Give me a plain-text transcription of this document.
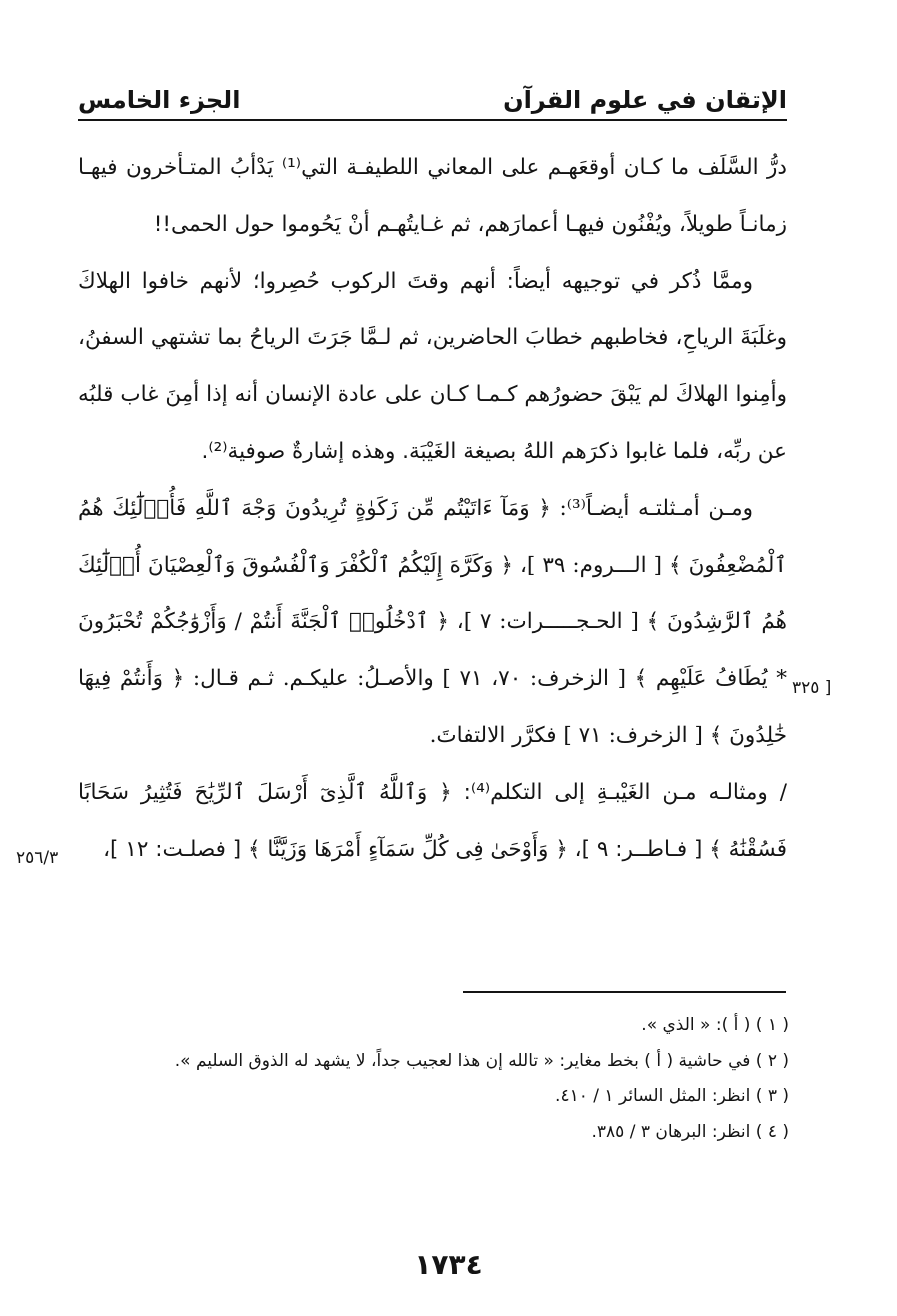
الإتقان في علوم القرآن
الجزء الخامس

درُّ السَّلَف ما كـان أوقعَهـم على المعاني اللطيفـة التي⁽¹⁾ يَدْأبُ المتـأخرون فيهـا زمانـاً طويلاً، ويُفْنُون فيهـا أعمارَهم، ثم غـايتُهـم أنْ يَحُوموا حول الحمى!!

وممَّا ذُكر في توجيهه أيضاً: أنهم وقتَ الركوب حُصِروا؛ لأنهم خافوا الهلاكَ وغلَبَةَ الرياحِ، فخاطبهم خطابَ الحاضرين، ثم لـمَّا جَرَتَ الرياحُ بما تشتهي السفنُ، وأمِنوا الهلاكَ لم يَبْقَ حضورُهم كـمـا كـان على عادة الإنسان أنه إذا أمِنَ غاب قلبُه عن ربِّه، فلما غابوا ذكرَهم اللهُ بصيغة الغَيْبَة. وهذه إشارةٌ صوفية⁽²⁾.

ومـن أمـثلتـه أيضـاً⁽³⁾: ﴿ وَمَآ ءَاتَيْتُم مِّن زَكَوٰةٍ تُرِيدُونَ وَجْهَ ٱللَّهِ فَأُو۟لَٰٓئِكَ هُمُ ٱلْمُضْعِفُونَ ﴾ [ الـــروم: ٣٩ ]، ﴿ وَكَرَّهَ إِلَيْكُمُ ٱلْكُفْرَ وَٱلْفُسُوقَ وَٱلْعِصْيَانَ أُو۟لَٰٓئِكَ هُمُ ٱلرَّٰشِدُونَ ﴾ [ الحـجـــــرات: ٧ ]، ﴿ ٱدْخُلُوا۟ ٱلْجَنَّةَ أَنتُمْ / وَأَزْوَٰجُكُمْ تُحْبَرُونَ * يُطَافُ عَلَيْهِم ﴾ [ الزخرف: ٧٠، ٧١ ] والأصـلُ: عليكـم. ثـم قـال: ﴿ وَأَنتُمْ فِيهَا خَٰلِدُونَ ﴾ [ الزخرف: ٧١ ] فكرَّر الالتفاتَ.

/ ومثالـه مـن الغَيْبـةِ إلى التكلم⁽⁴⁾: ﴿ وَٱللَّهُ ٱلَّذِىٓ أَرْسَلَ ٱلرِّيَٰحَ فَتُثِيرُ سَحَابًا فَسُقْنَٰهُ ﴾ [ فـاطــر: ٩ ]، ﴿ وَأَوْحَىٰ فِى كُلِّ سَمَآءٍ أَمْرَهَا وَزَيَّنَّا ﴾ [ فصلـت: ١٢ ]،

[ ٣٢٥
٢٥٦/٣
( ١ ) ( أ ): « الذي ».
( ٢ ) في حاشية ( أ ) بخط مغاير: « تالله إن هذا لعجيب جداً، لا يشهد له الذوق السليم ».
( ٣ ) انظر: المثل السائر ١ / ٤١٠.
( ٤ ) انظر: البرهان ٣ / ٣٨٥.
١٧٣٤
